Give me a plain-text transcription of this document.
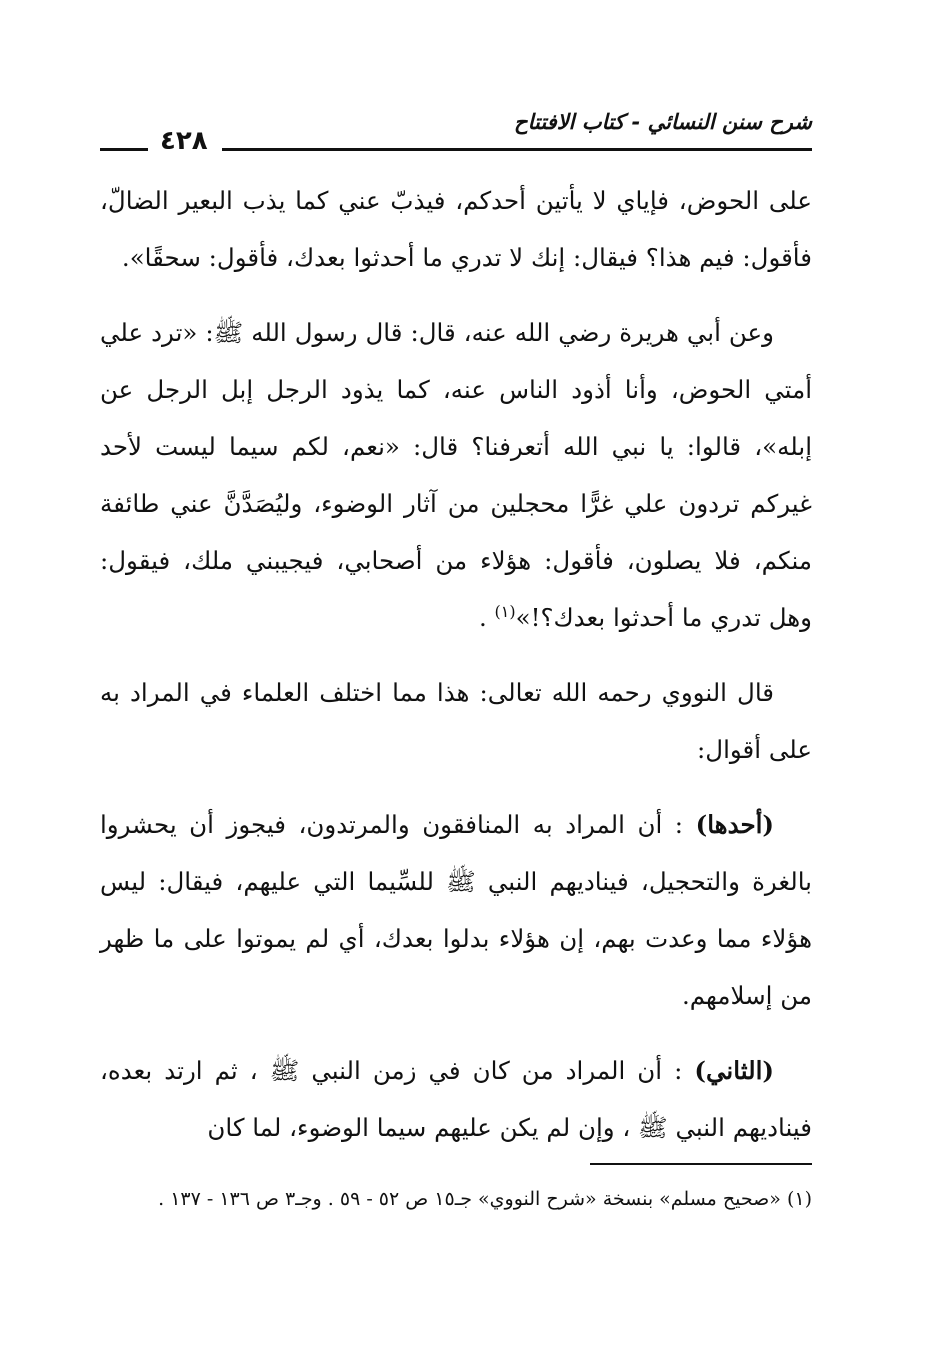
شرح سنن النسائي - كتاب الافتتاح
٤٢٨

على الحوض، فإياي لا يأتين أحدكم، فيذبّ عني كما يذب البعير الضالّ، فأقول: فيم هذا؟ فيقال: إنك لا تدري ما أحدثوا بعدك، فأقول: سحقًا».

وعن أبي هريرة رضي الله عنه، قال: قال رسول الله ﷺ: «ترد علي أمتي الحوض، وأنا أذود الناس عنه، كما يذود الرجل إبل الرجل عن إبله»، قالوا: يا نبي الله أتعرفنا؟ قال: «نعم، لكم سيما ليست لأحد غيركم تردون علي غرًّا محجلين من آثار الوضوء، وليُصَدَّنَّ عني طائفة منكم، فلا يصلون، فأقول: هؤلاء من أصحابي، فيجيبني ملك، فيقول: وهل تدري ما أحدثوا بعدك؟!»$^{(١)}$ .

قال النووي رحمه الله تعالى: هذا مما اختلف العلماء في المراد به على أقوال:

(أحدها) : أن المراد به المنافقون والمرتدون، فيجوز أن يحشروا بالغرة والتحجيل، فيناديهم النبي ﷺ للسِّيما التي عليهم، فيقال: ليس هؤلاء مما وعدت بهم، إن هؤلاء بدلوا بعدك، أي لم يموتوا على ما ظهر من إسلامهم.

(الثاني) : أن المراد من كان في زمن النبي ﷺ ، ثم ارتد بعده، فيناديهم النبي ﷺ ، وإن لم يكن عليهم سيما الوضوء، لما كان

(١) «صحيح مسلم» بنسخة «شرح النووي» جـ١٥ ص ٥٢ - ٥٩ . وجـ٣ ص ١٣٦ - ١٣٧ .
